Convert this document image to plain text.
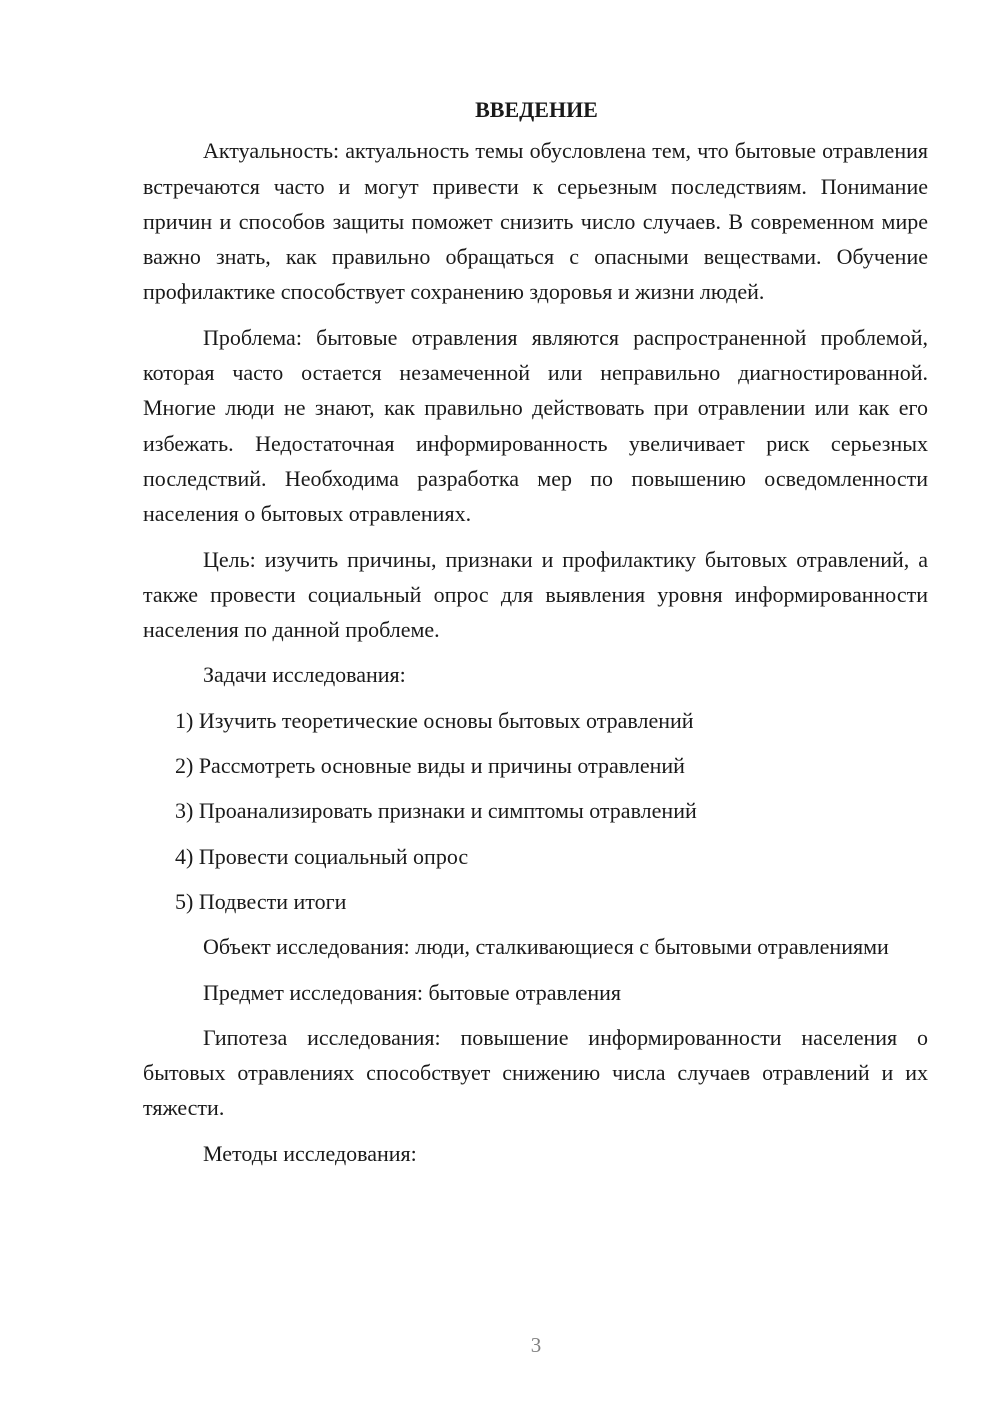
ВВЕДЕНИЕ

Актуальность: актуальность темы обусловлена тем, что бытовые отравления встречаются часто и могут привести к серьезным последствиям. Понимание причин и способов защиты поможет снизить число случаев. В современном мире важно знать, как правильно обращаться с опасными веществами. Обучение профилактике способствует сохранению здоровья и жизни людей.

Проблема: бытовые отравления являются распространенной проблемой, которая часто остается незамеченной или неправильно диагностированной. Многие люди не знают, как правильно действовать при отравлении или как его избежать. Недостаточная информированность увеличивает риск серьезных последствий. Необходима разработка мер по повышению осведомленности населения о бытовых отравлениях.

Цель: изучить причины, признаки и профилактику бытовых отравлений, а также провести социальный опрос для выявления уровня информированности населения по данной проблеме.

Задачи исследования:

1) Изучить теоретические основы бытовых отравлений
2) Рассмотреть основные виды и причины отравлений
3) Проанализировать признаки и симптомы отравлений
4) Провести социальный опрос
5) Подвести итоги

Объект исследования: люди, сталкивающиеся с бытовыми отравлениями

Предмет исследования: бытовые отравления

Гипотеза исследования: повышение информированности населения о бытовых отравлениях способствует снижению числа случаев отравлений и их тяжести.

Методы исследования:

3
